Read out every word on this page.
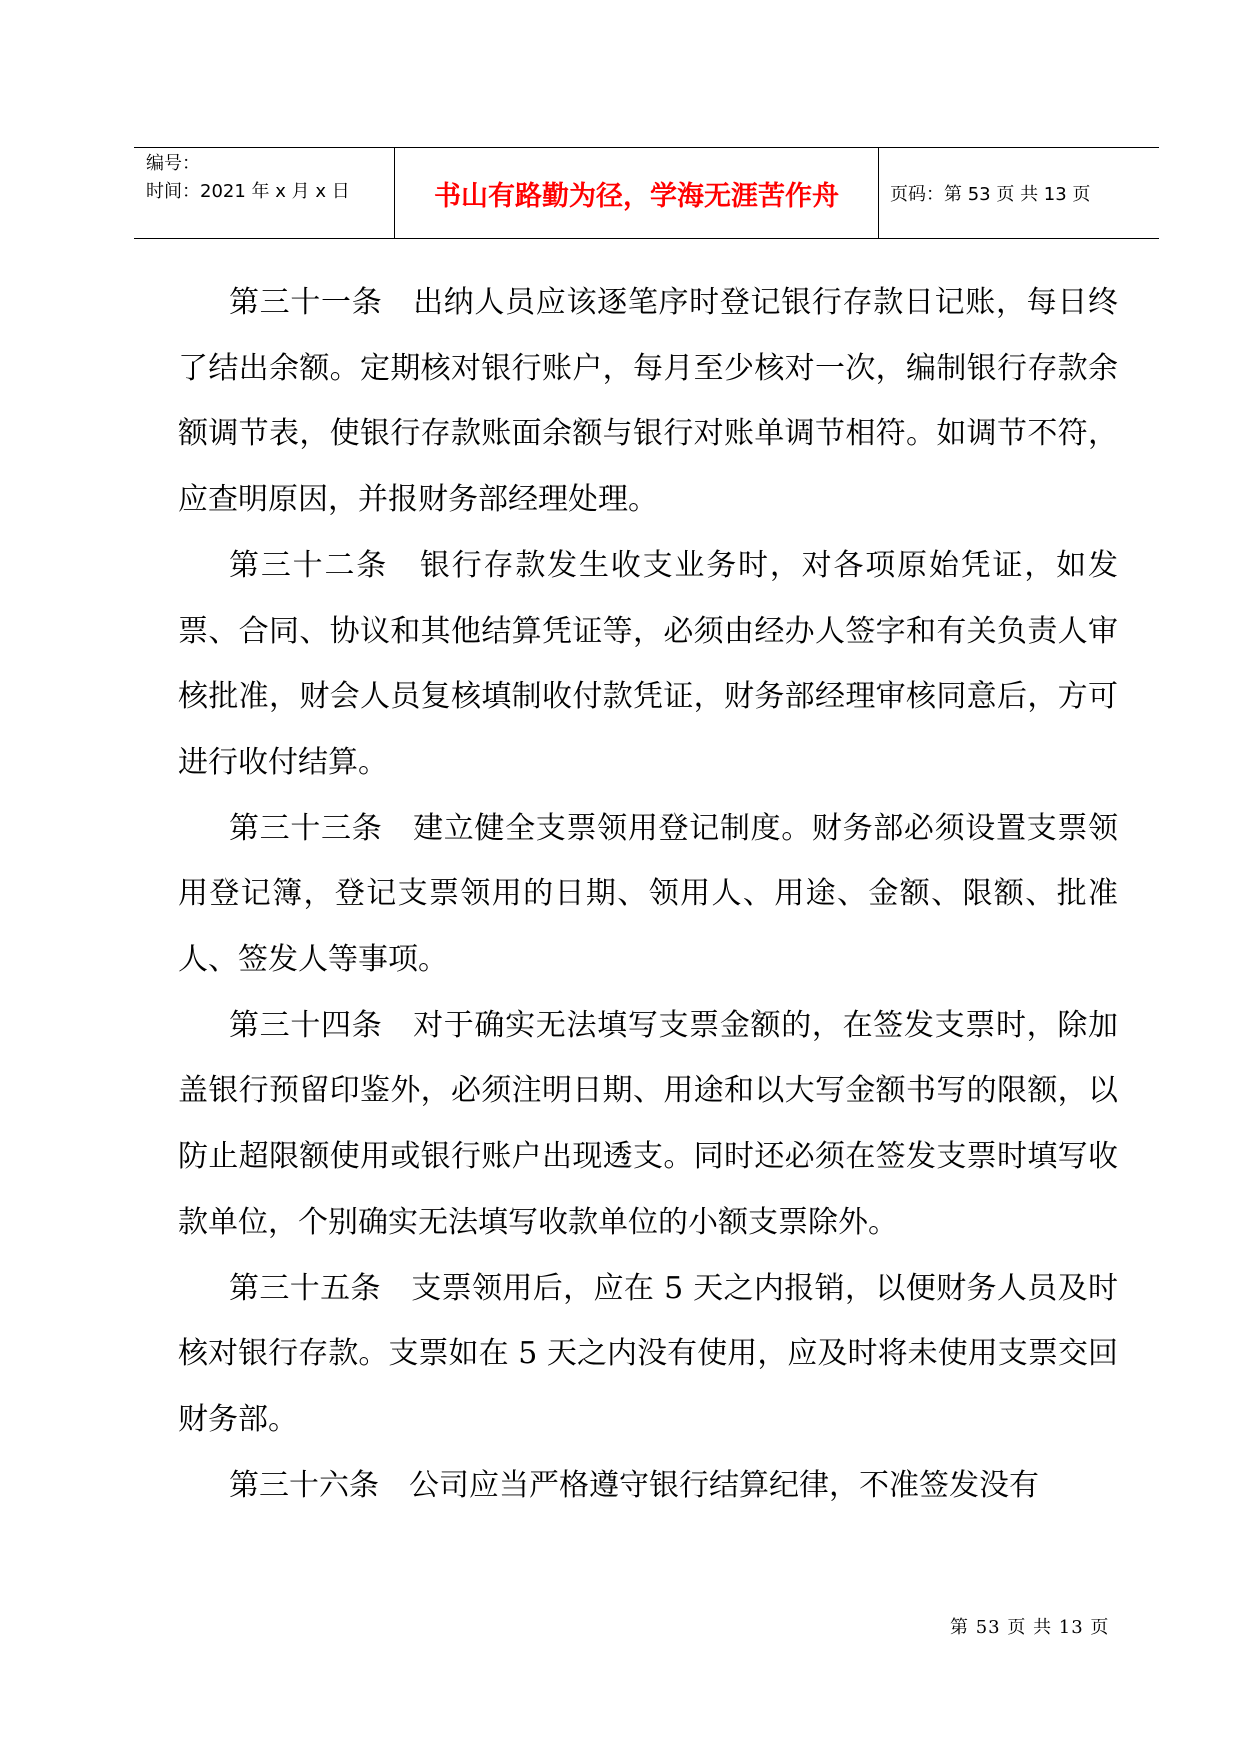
编号：
时间：2021 年 x 月 x 日	书山有路勤为径，学海无涯苦作舟	页码：第 53 页 共 13 页

第三十一条　出纳人员应该逐笔序时登记银行存款日记账，每日终了结出余额。定期核对银行账户，每月至少核对一次，编制银行存款余额调节表，使银行存款账面余额与银行对账单调节相符。如调节不符，应查明原因，并报财务部经理处理。

第三十二条　银行存款发生收支业务时，对各项原始凭证，如发票、合同、协议和其他结算凭证等，必须由经办人签字和有关负责人审核批准，财会人员复核填制收付款凭证，财务部经理审核同意后，方可进行收付结算。

第三十三条　建立健全支票领用登记制度。财务部必须设置支票领用登记簿，登记支票领用的日期、领用人、用途、金额、限额、批准人、签发人等事项。

第三十四条　对于确实无法填写支票金额的，在签发支票时，除加盖银行预留印鉴外，必须注明日期、用途和以大写金额书写的限额，以防止超限额使用或银行账户出现透支。同时还必须在签发支票时填写收款单位，个别确实无法填写收款单位的小额支票除外。

第三十五条　支票领用后，应在 5 天之内报销，以便财务人员及时核对银行存款。支票如在 5 天之内没有使用，应及时将未使用支票交回财务部。

第三十六条　公司应当严格遵守银行结算纪律，不准签发没有

第 53 页 共 13 页
